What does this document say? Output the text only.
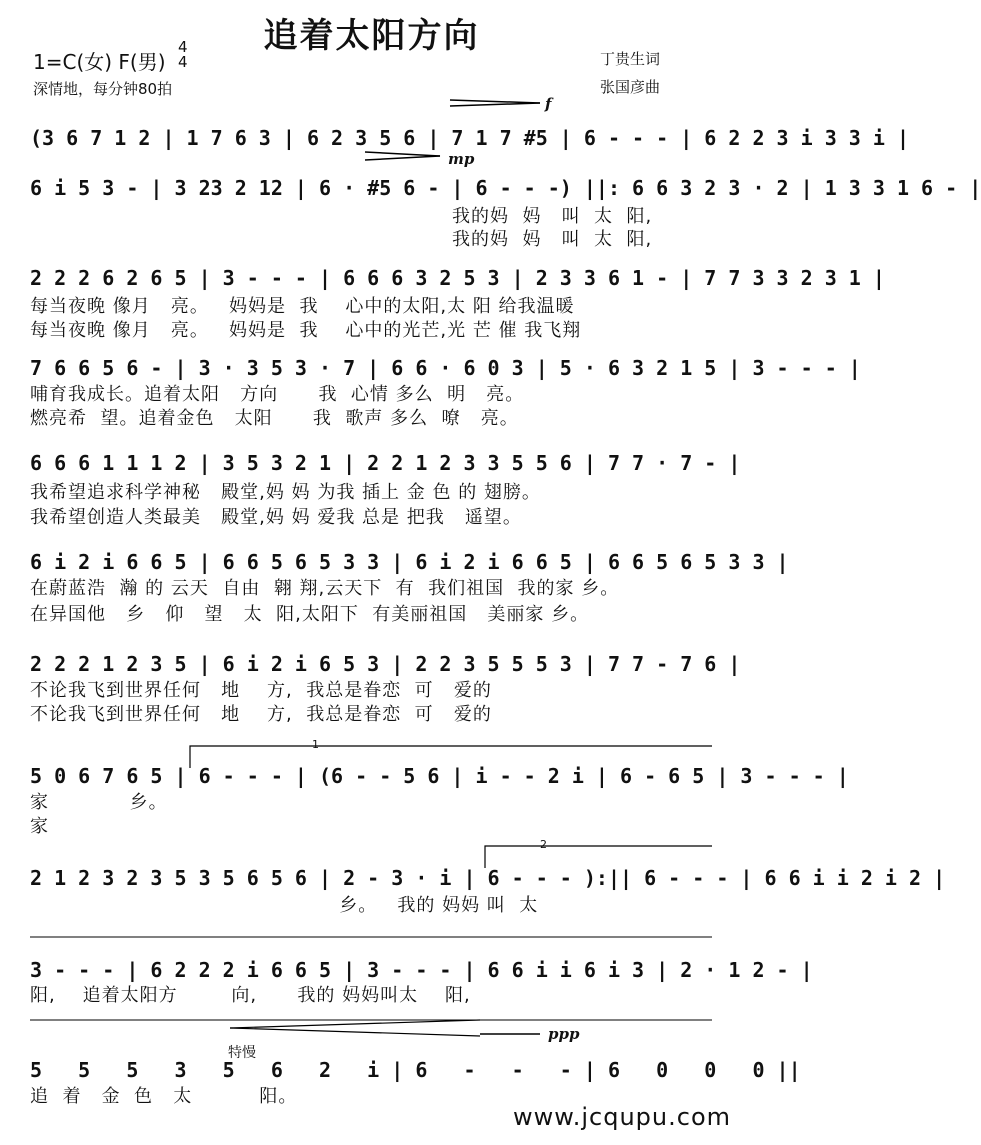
追着太阳方向
1=C(女) F(男)
4
4
深情地，每分钟80拍
丁贵生词
张国彦曲
f
mp
ppp
特慢
1
2
(3 6 7 1 2 | 1 7 6 3 | 6 2 3 5 6 | 7 1 7 #5 | 6 - - - | 6 2 2 3 i 3 3 i |
6 i 5 3 - | 3 23 2 12 | 6 · #5 6 - | 6 - - -) ||: 6 6 3 2 3 · 2 | 1 3 3 1 6 - |
我的妈  妈   叫  太  阳,
我的妈  妈   叫  太  阳,
2 2 2 6 2 6 5 | 3 - - - | 6 6 6 3 2 5 3 | 2 3 3 6 1 - | 7 7 3 3 2 3 1 |
每当夜晚 像月   亮。   妈妈是  我    心中的太阳,太 阳 给我温暖
每当夜晚 像月   亮。   妈妈是  我    心中的光芒,光 芒 催 我飞翔
7 6 6 5 6 - | 3 · 3 5 3 · 7 | 6 6 · 6 0 3 | 5 · 6 3 2 1 5 | 3 - - - |
哺育我成长。追着太阳   方向      我  心情 多么  明   亮。
燃亮希  望。追着金色   太阳      我  歌声 多么  嘹   亮。
6 6 6 1 1 1 2 | 3 5 3 2 1 | 2 2 1 2 3 3 5 5 6 | 7 7 · 7 - |
我希望追求科学神秘   殿堂,妈 妈 为我 插上 金 色 的 翅膀。
我希望创造人类最美   殿堂,妈 妈 爱我 总是 把我   遥望。
6 i 2 i 6 6 5 | 6 6 5 6 5 3 3 | 6 i 2 i 6 6 5 | 6 6 5 6 5 3 3 |
在蔚蓝浩  瀚 的 云天  自由  翱 翔,云天下  有  我们祖国  我的家 乡。
在异国他   乡   仰   望   太  阳,太阳下  有美丽祖国   美丽家 乡。
2 2 2 1 2 3 5 | 6 i 2 i 6 5 3 | 2 2 3 5 5 5 3 | 7 7 - 7 6 |
不论我飞到世界任何   地    方,  我总是眷恋  可   爱的
不论我飞到世界任何   地    方,  我总是眷恋  可   爱的
5 0 6 7 6 5 | 6 - - - | (6 - - 5 6 | i - - 2 i | 6 - 6 5 | 3 - - - |
家            乡。
家
2 1 2 3 2 3 5 3 5 6 5 6 | 2 - 3 · i | 6 - - - ):|| 6 - - - | 6 6 i i 2 i 2 |
乡。   我的 妈妈 叫  太
3 - - - | 6 2 2 2 i 6 6 5 | 3 - - - | 6 6 i i 6 i 3 | 2 · 1 2 - |
阳,    追着太阳方        向,      我的 妈妈叫太    阳,
5   5   5   3   5   6   2   i | 6   -   -   - | 6   0   0   0 ||
追  着   金  色   太          阳。
www.jcqupu.com
